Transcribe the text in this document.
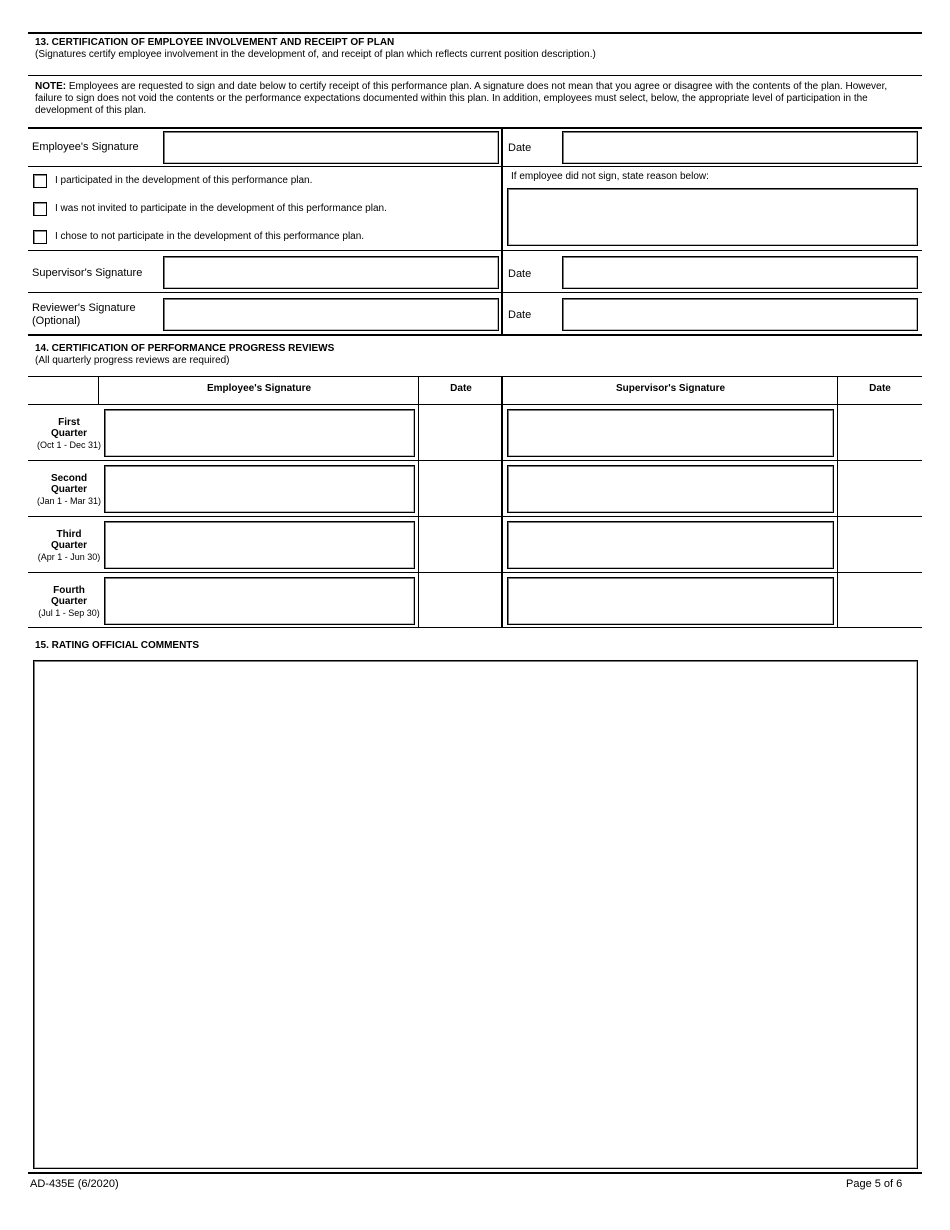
13. CERTIFICATION OF EMPLOYEE INVOLVEMENT AND RECEIPT OF PLAN
(Signatures certify employee involvement in the development of, and receipt of plan which reflects current position description.)
NOTE: Employees are requested to sign and date below to certify receipt of this performance plan. A signature does not mean that you agree or disagree with the contents of the plan. However, failure to sign does not void the contents or the performance expectations documented within this plan. In addition, employees must select, below, the appropriate level of participation in the development of this plan.
Employee's Signature	Date
I participated in the development of this performance plan.
I was not invited to participate in the development of this performance plan.
I chose to not participate in the development of this performance plan.
If employee did not sign, state reason below:
Supervisor's Signature	Date
Reviewer's Signature
(Optional)	Date
14. CERTIFICATION OF PERFORMANCE PROGRESS REVIEWS
(All quarterly progress reviews are required)
Employee's Signature	Date	Supervisor's Signature	Date
First
Quarter
(Oct 1 - Dec 31)
Second
Quarter
(Jan 1 - Mar 31)
Third
Quarter
(Apr 1 - Jun 30)
Fourth
Quarter
(Jul 1 - Sep 30)
15. RATING OFFICIAL COMMENTS
AD-435E (6/2020)	Page 5 of 6
